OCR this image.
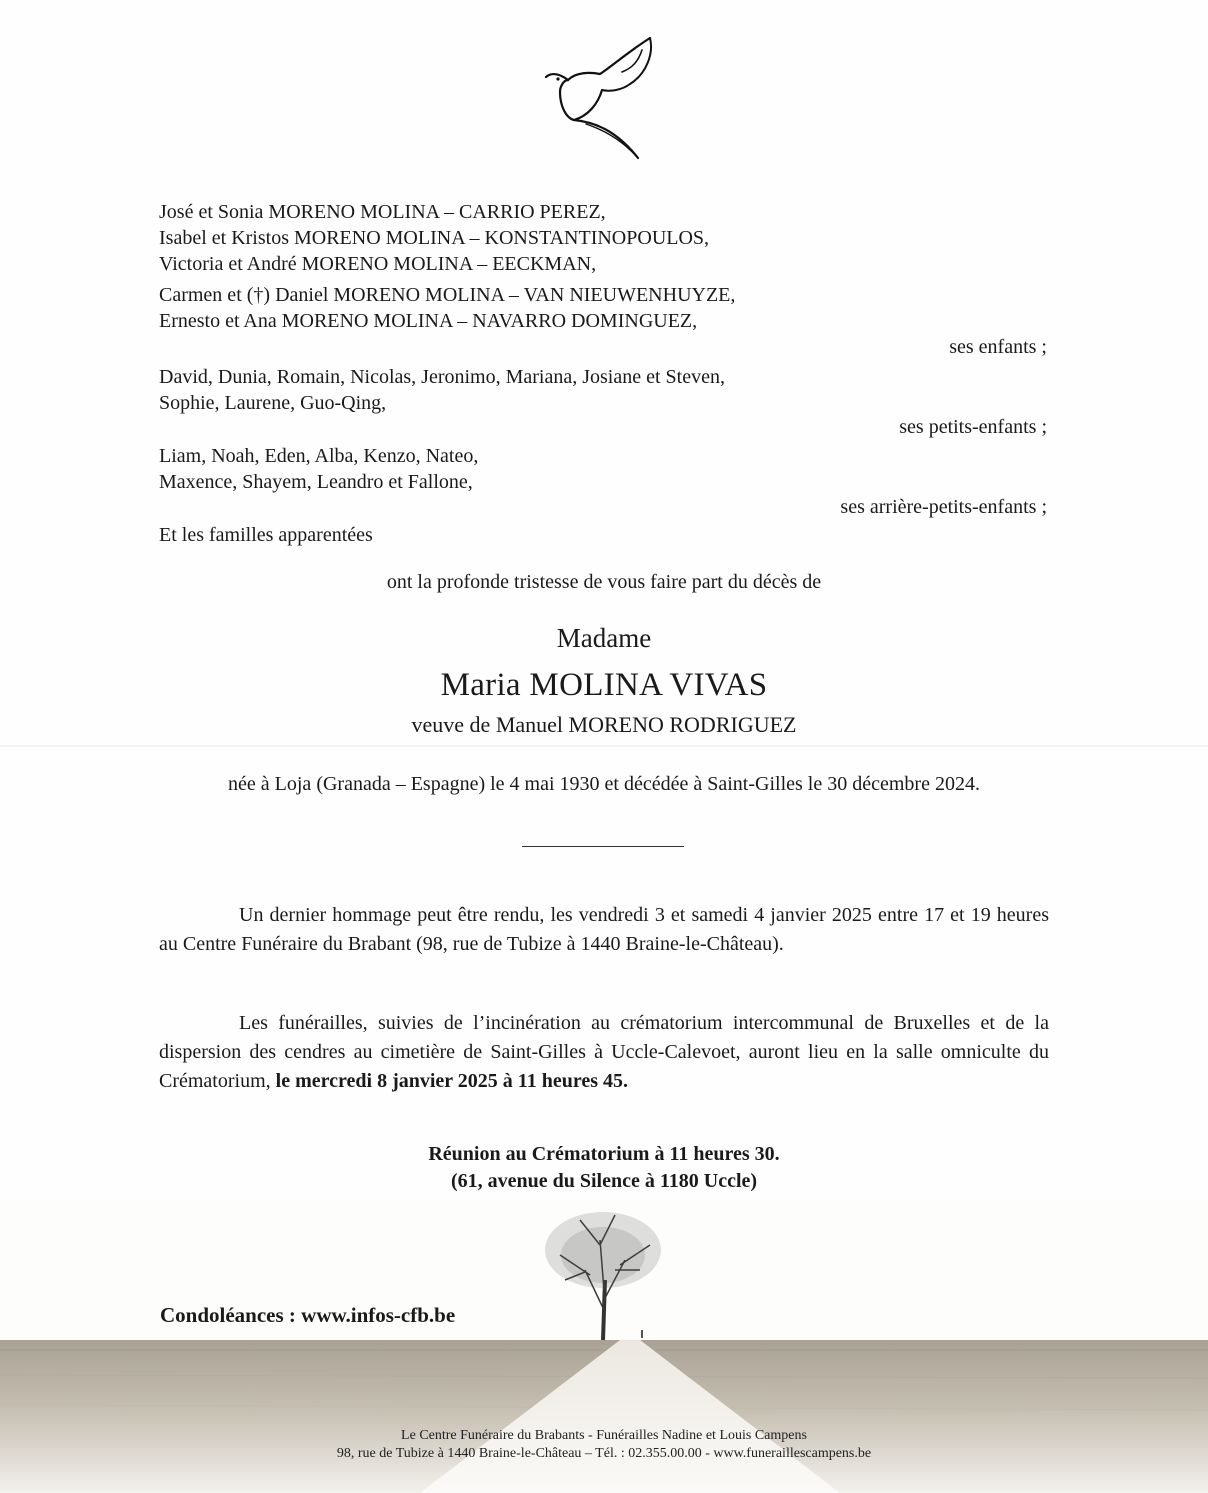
José et Sonia MORENO MOLINA – CARRIO PEREZ,
Isabel et Kristos MORENO MOLINA – KONSTANTINOPOULOS,
Victoria et André MORENO MOLINA – EECKMAN,
Carmen et (†) Daniel MORENO MOLINA – VAN NIEUWENHUYZE,
Ernesto et Ana MORENO MOLINA – NAVARRO DOMINGUEZ,
ses enfants ;
David, Dunia, Romain, Nicolas, Jeronimo, Mariana, Josiane et Steven,
Sophie, Laurene, Guo-Qing,
ses petits-enfants ;
Liam, Noah, Eden, Alba, Kenzo, Nateo,
Maxence, Shayem, Leandro et Fallone,
ses arrière-petits-enfants ;
Et les familles apparentées
ont la profonde tristesse de vous faire part du décès de
Madame
Maria MOLINA VIVAS
veuve de Manuel MORENO RODRIGUEZ
née à Loja (Granada – Espagne) le 4 mai 1930 et décédée à Saint-Gilles le 30 décembre 2024.
Un dernier hommage peut être rendu, les vendredi 3 et samedi 4 janvier 2025 entre 17 et 19 heures au Centre Funéraire du Brabant (98, rue de Tubize à 1440 Braine-le-Château).
Les funérailles, suivies de l’incinération au crématorium intercommunal de Bruxelles et de la dispersion des cendres au cimetière de Saint-Gilles à Uccle-Calevoet, auront lieu en la salle omniculte du Crématorium, le mercredi 8 janvier 2025 à 11 heures 45.
Réunion au Crématorium à 11 heures 30.
(61, avenue du Silence à 1180 Uccle)
Condoléances : www.infos-cfb.be
Le Centre Funéraire du Brabants - Funérailles Nadine et Louis Campens
98, rue de Tubize à 1440 Braine-le-Château – Tél. : 02.355.00.00 - www.funeraillescampens.be
